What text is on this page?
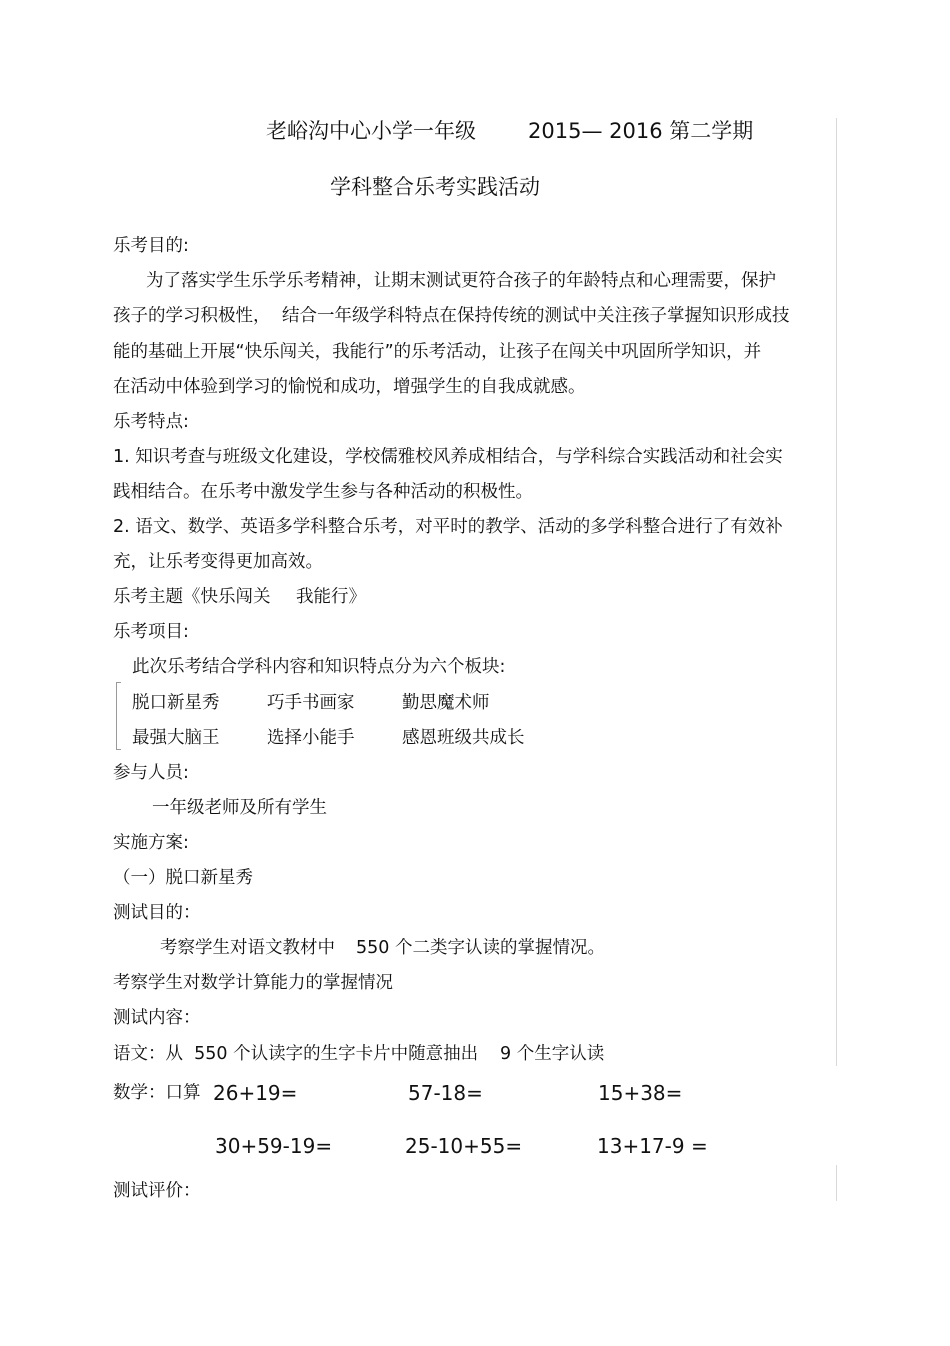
老峪沟中心小学一年级 2015— 2016 第二学期
学科整合乐考实践活动
乐考目的:
为了落实学生乐学乐考精神，让期末测试更符合孩子的年龄特点和心理需要，保护
孩子的学习积极性， 结合一年级学科特点在保持传统的测试中关注孩子掌握知识形成技
能的基础上开展“快乐闯关，我能行”的乐考活动，让孩子在闯关中巩固所学知识，并
在活动中体验到学习的愉悦和成功，增强学生的自我成就感。
乐考特点:
1. 知识考查与班级文化建设，学校儒雅校风养成相结合，与学科综合实践活动和社会实
践相结合。在乐考中激发学生参与各种活动的积极性。
2. 语文、数学、英语多学科整合乐考，对平时的教学、活动的多学科整合进行了有效补
充，让乐考变得更加高效。
乐考主题《快乐闯关 我能行》
乐考项目:
此次乐考结合学科内容和知识特点分为六个板块:
脱口新星秀	巧手书画家	勤思魔术师
最强大脑王	选择小能手	感恩班级共成长
参与人员:
一年级老师及所有学生
实施方案:
（一）脱口新星秀
测试目的：
考察学生对语文教材中 550 个二类字认读的掌握情况。
考察学生对数学计算能力的掌握情况
测试内容：
语文：从  550 个认读字的生字卡片中随意抽出 9 个生字认读
数学：口算 26+19=	57-18=	15+38=
30+59-19=	25-10+55=	13+17-9 =
测试评价：
